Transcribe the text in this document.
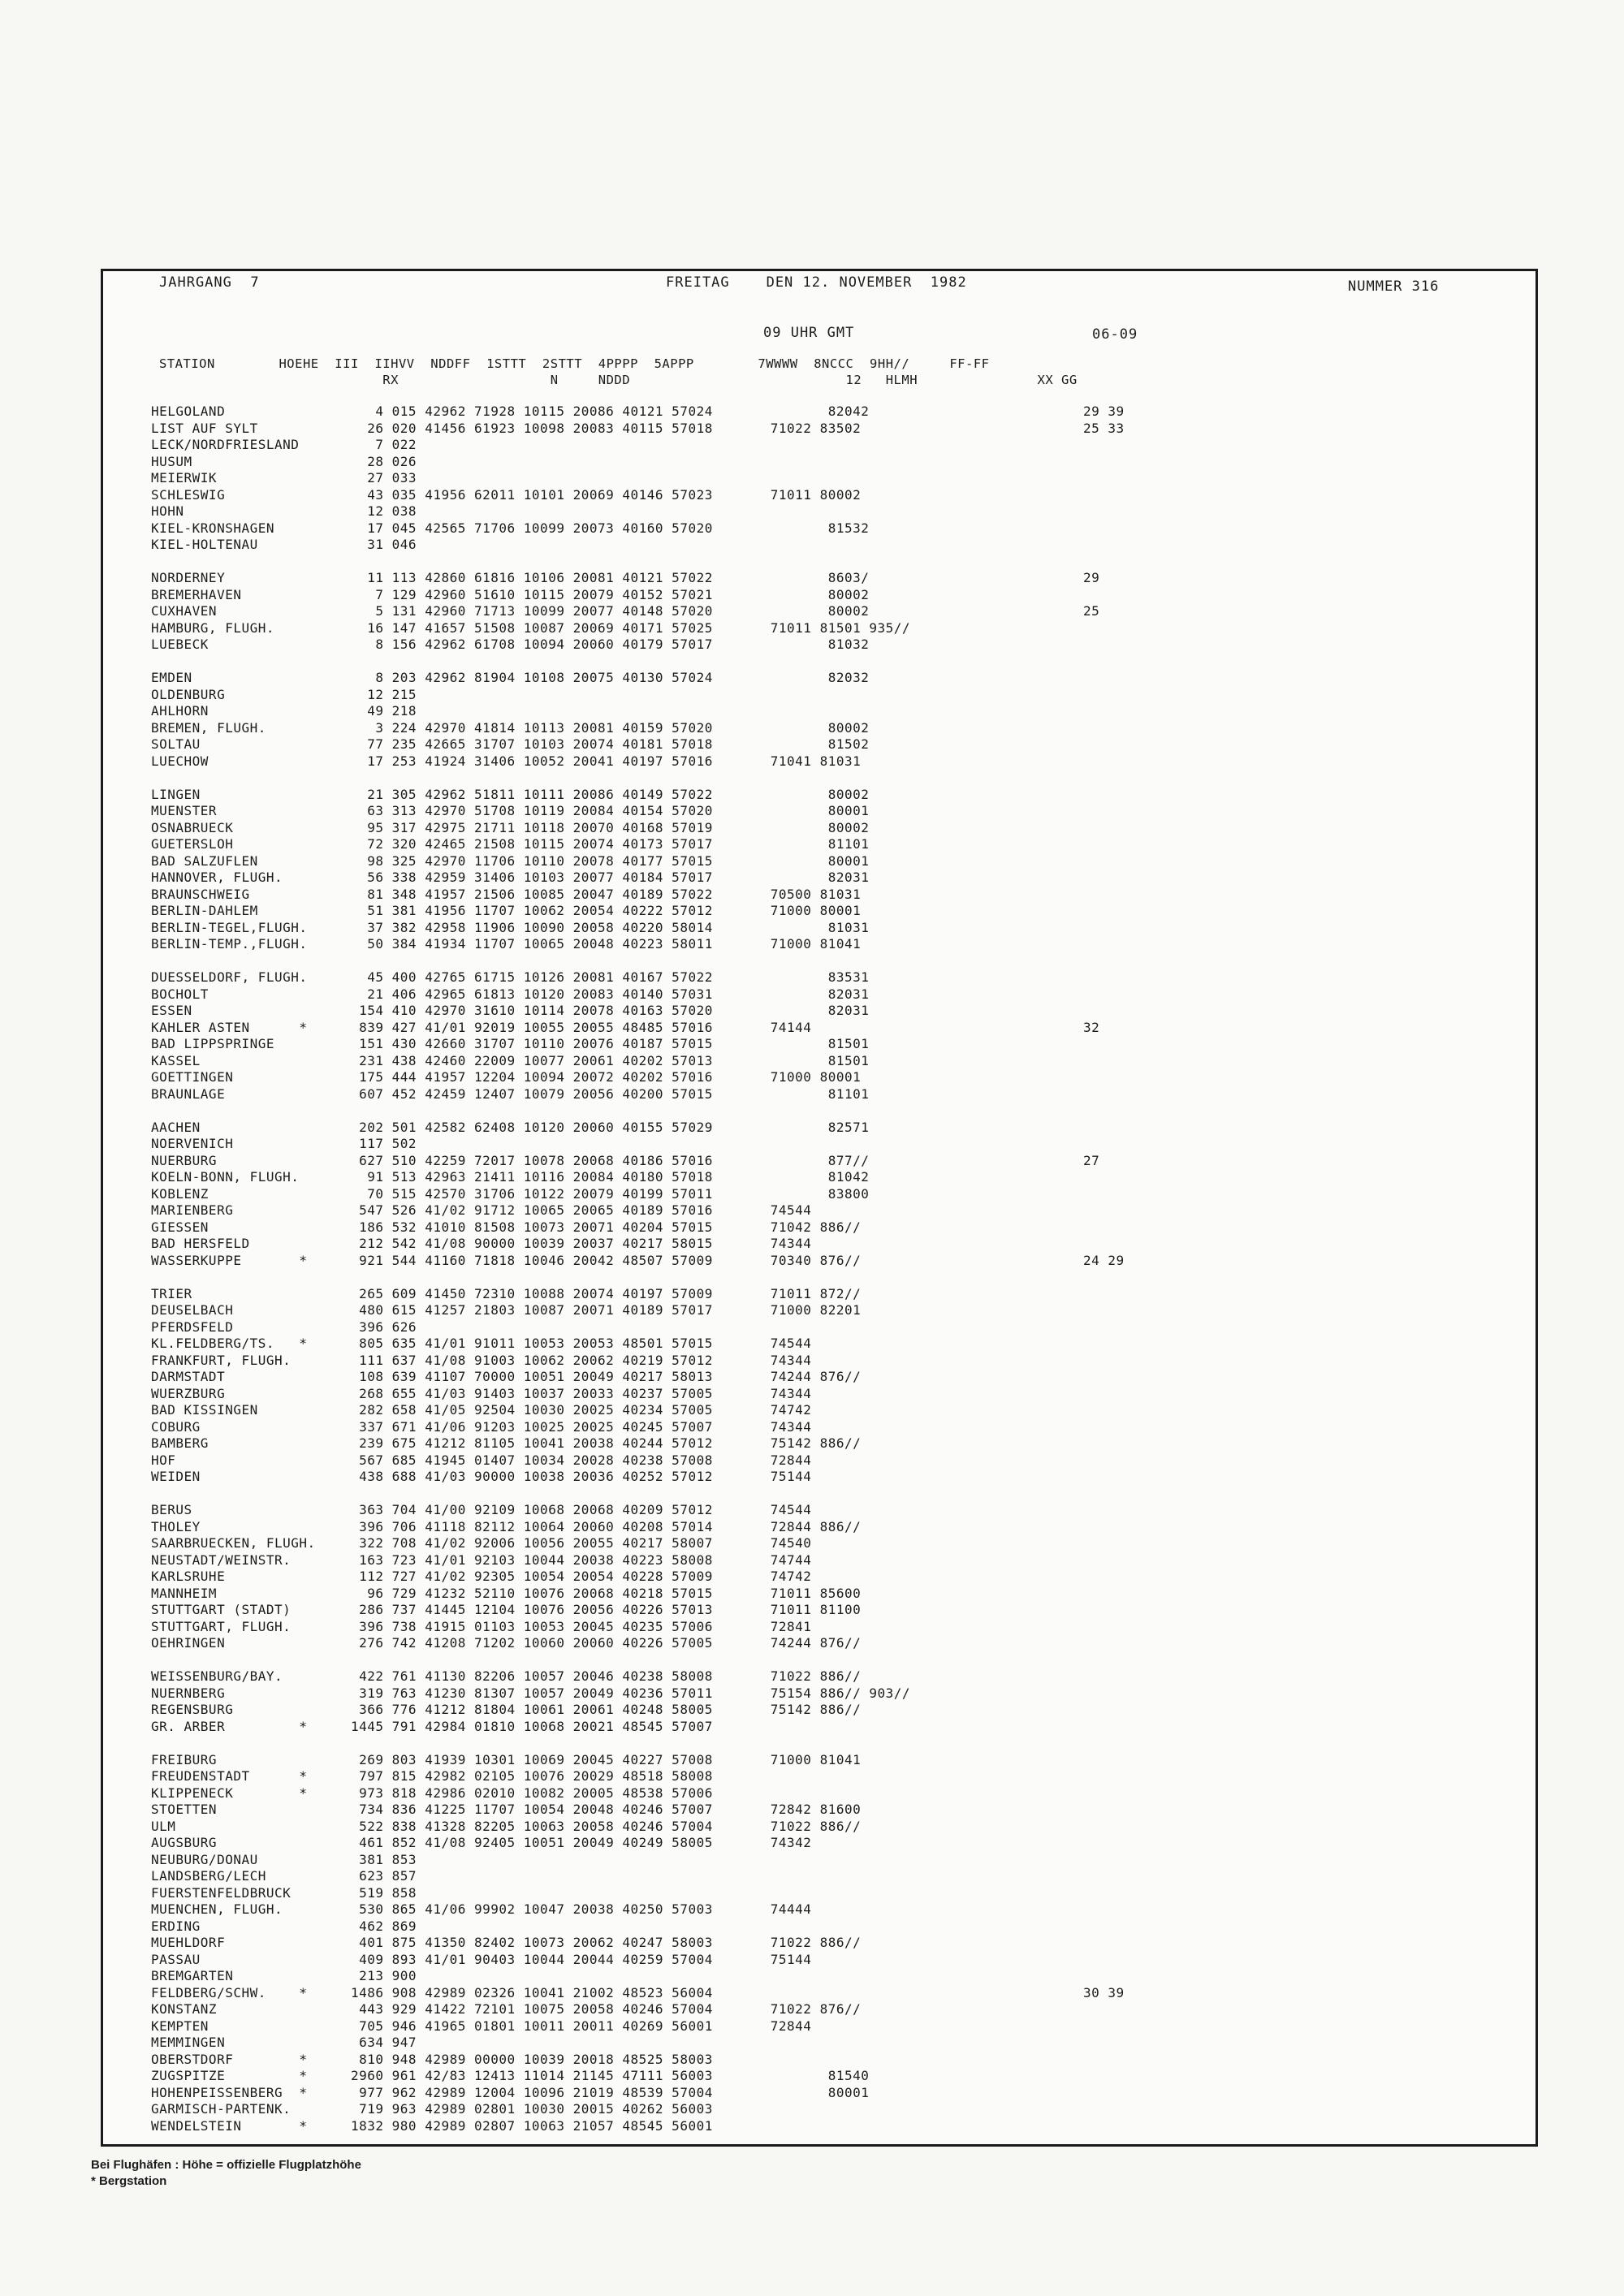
JAHRGANG  7	FREITAG    DEN 12. NOVEMBER  1982	NUMMER 316
09 UHR GMT	06-09
STATION        HOEHE  III  IIHVV  NDDFF  1STTT  2STTT  4PPPP  5APPP        7WWWW  8NCCC  9HH//     FF-FF
RX                   N     NDDD                           12   HLMH               XX GG
HELGOLAND	4 015 42962 71928 10115 20086 40121 57024              82042	29 39
LIST AUF SYLT	26 020 41456 61923 10098 20083 40115 57018       71022 83502	25 33
LECK/NORDFRIESLAND	7 022
HUSUM	28 026
MEIERWIK	27 033
SCHLESWIG	43 035 41956 62011 10101 20069 40146 57023       71011 80002
HOHN	12 038
KIEL-KRONSHAGEN	17 045 42565 71706 10099 20073 40160 57020              81532
KIEL-HOLTENAU	31 046
NORDERNEY	11 113 42860 61816 10106 20081 40121 57022              8603/	29
BREMERHAVEN	7 129 42960 51610 10115 20079 40152 57021              80002
CUXHAVEN	5 131 42960 71713 10099 20077 40148 57020              80002	25
HAMBURG, FLUGH.	16 147 41657 51508 10087 20069 40171 57025       71011 81501 935//
LUEBECK	8 156 42962 61708 10094 20060 40179 57017              81032
EMDEN	8 203 42962 81904 10108 20075 40130 57024              82032
OLDENBURG	12 215
AHLHORN	49 218
BREMEN, FLUGH.	3 224 42970 41814 10113 20081 40159 57020              80002
SOLTAU	77 235 42665 31707 10103 20074 40181 57018              81502
LUECHOW	17 253 41924 31406 10052 20041 40197 57016       71041 81031
LINGEN	21 305 42962 51811 10111 20086 40149 57022              80002
MUENSTER	63 313 42970 51708 10119 20084 40154 57020              80001
OSNABRUECK	95 317 42975 21711 10118 20070 40168 57019              80002
GUETERSLOH	72 320 42465 21508 10115 20074 40173 57017              81101
BAD SALZUFLEN	98 325 42970 11706 10110 20078 40177 57015              80001
HANNOVER, FLUGH.	56 338 42959 31406 10103 20077 40184 57017              82031
BRAUNSCHWEIG	81 348 41957 21506 10085 20047 40189 57022       70500 81031
BERLIN-DAHLEM	51 381 41956 11707 10062 20054 40222 57012       71000 80001
BERLIN-TEGEL,FLUGH.	37 382 42958 11906 10090 20058 40220 58014              81031
BERLIN-TEMP.,FLUGH.	50 384 41934 11707 10065 20048 40223 58011       71000 81041
DUESSELDORF, FLUGH.	45 400 42765 61715 10126 20081 40167 57022              83531
BOCHOLT	21 406 42965 61813 10120 20083 40140 57031              82031
ESSEN	154 410 42970 31610 10114 20078 40163 57020              82031
KAHLER ASTEN      *	839 427 41/01 92019 10055 20055 48485 57016       74144	32
BAD LIPPSPRINGE	151 430 42660 31707 10110 20076 40187 57015              81501
KASSEL	231 438 42460 22009 10077 20061 40202 57013              81501
GOETTINGEN	175 444 41957 12204 10094 20072 40202 57016       71000 80001
BRAUNLAGE	607 452 42459 12407 10079 20056 40200 57015              81101
AACHEN	202 501 42582 62408 10120 20060 40155 57029              82571
NOERVENICH	117 502
NUERBURG	627 510 42259 72017 10078 20068 40186 57016              877//	27
KOELN-BONN, FLUGH.	91 513 42963 21411 10116 20084 40180 57018              81042
KOBLENZ	70 515 42570 31706 10122 20079 40199 57011              83800
MARIENBERG	547 526 41/02 91712 10065 20065 40189 57016       74544
GIESSEN	186 532 41010 81508 10073 20071 40204 57015       71042 886//
BAD HERSFELD	212 542 41/08 90000 10039 20037 40217 58015       74344
WASSERKUPPE       *	921 544 41160 71818 10046 20042 48507 57009       70340 876//	24 29
TRIER	265 609 41450 72310 10088 20074 40197 57009       71011 872//
DEUSELBACH	480 615 41257 21803 10087 20071 40189 57017       71000 82201
PFERDSFELD	396 626
KL.FELDBERG/TS.   *	805 635 41/01 91011 10053 20053 48501 57015       74544
FRANKFURT, FLUGH.	111 637 41/08 91003 10062 20062 40219 57012       74344
DARMSTADT	108 639 41107 70000 10051 20049 40217 58013       74244 876//
WUERZBURG	268 655 41/03 91403 10037 20033 40237 57005       74344
BAD KISSINGEN	282 658 41/05 92504 10030 20025 40234 57005       74742
COBURG	337 671 41/06 91203 10025 20025 40245 57007       74344
BAMBERG	239 675 41212 81105 10041 20038 40244 57012       75142 886//
HOF	567 685 41945 01407 10034 20028 40238 57008       72844
WEIDEN	438 688 41/03 90000 10038 20036 40252 57012       75144
BERUS	363 704 41/00 92109 10068 20068 40209 57012       74544
THOLEY	396 706 41118 82112 10064 20060 40208 57014       72844 886//
SAARBRUECKEN, FLUGH.	322 708 41/02 92006 10056 20055 40217 58007       74540
NEUSTADT/WEINSTR.	163 723 41/01 92103 10044 20038 40223 58008       74744
KARLSRUHE	112 727 41/02 92305 10054 20054 40228 57009       74742
MANNHEIM	96 729 41232 52110 10076 20068 40218 57015       71011 85600
STUTTGART (STADT)	286 737 41445 12104 10076 20056 40226 57013       71011 81100
STUTTGART, FLUGH.	396 738 41915 01103 10053 20045 40235 57006       72841
OEHRINGEN	276 742 41208 71202 10060 20060 40226 57005       74244 876//
WEISSENBURG/BAY.	422 761 41130 82206 10057 20046 40238 58008       71022 886//
NUERNBERG	319 763 41230 81307 10057 20049 40236 57011       75154 886// 903//
REGENSBURG	366 776 41212 81804 10061 20061 40248 58005       75142 886//
GR. ARBER         *	1445 791 42984 01810 10068 20021 48545 57007
FREIBURG	269 803 41939 10301 10069 20045 40227 57008       71000 81041
FREUDENSTADT      *	797 815 42982 02105 10076 20029 48518 58008
KLIPPENECK        *	973 818 42986 02010 10082 20005 48538 57006
STOETTEN	734 836 41225 11707 10054 20048 40246 57007       72842 81600
ULM	522 838 41328 82205 10063 20058 40246 57004       71022 886//
AUGSBURG	461 852 41/08 92405 10051 20049 40249 58005       74342
NEUBURG/DONAU	381 853
LANDSBERG/LECH	623 857
FUERSTENFELDBRUCK	519 858
MUENCHEN, FLUGH.	530 865 41/06 99902 10047 20038 40250 57003       74444
ERDING	462 869
MUEHLDORF	401 875 41350 82402 10073 20062 40247 58003       71022 886//
PASSAU	409 893 41/01 90403 10044 20044 40259 57004       75144
BREMGARTEN	213 900
FELDBERG/SCHW.    *	1486 908 42989 02326 10041 21002 48523 56004	30 39
KONSTANZ	443 929 41422 72101 10075 20058 40246 57004       71022 876//
KEMPTEN	705 946 41965 01801 10011 20011 40269 56001       72844
MEMMINGEN	634 947
OBERSTDORF        *	810 948 42989 00000 10039 20018 48525 58003
ZUGSPITZE         *	2960 961 42/83 12413 11014 21145 47111 56003              81540
HOHENPEISSENBERG  *	977 962 42989 12004 10096 21019 48539 57004              80001
GARMISCH-PARTENK.	719 963 42989 02801 10030 20015 40262 56003
WENDELSTEIN       *	1832 980 42989 02807 10063 21057 48545 56001
Bei Flughäfen : Höhe = offizielle Flugplatzhöhe
* Bergstation
